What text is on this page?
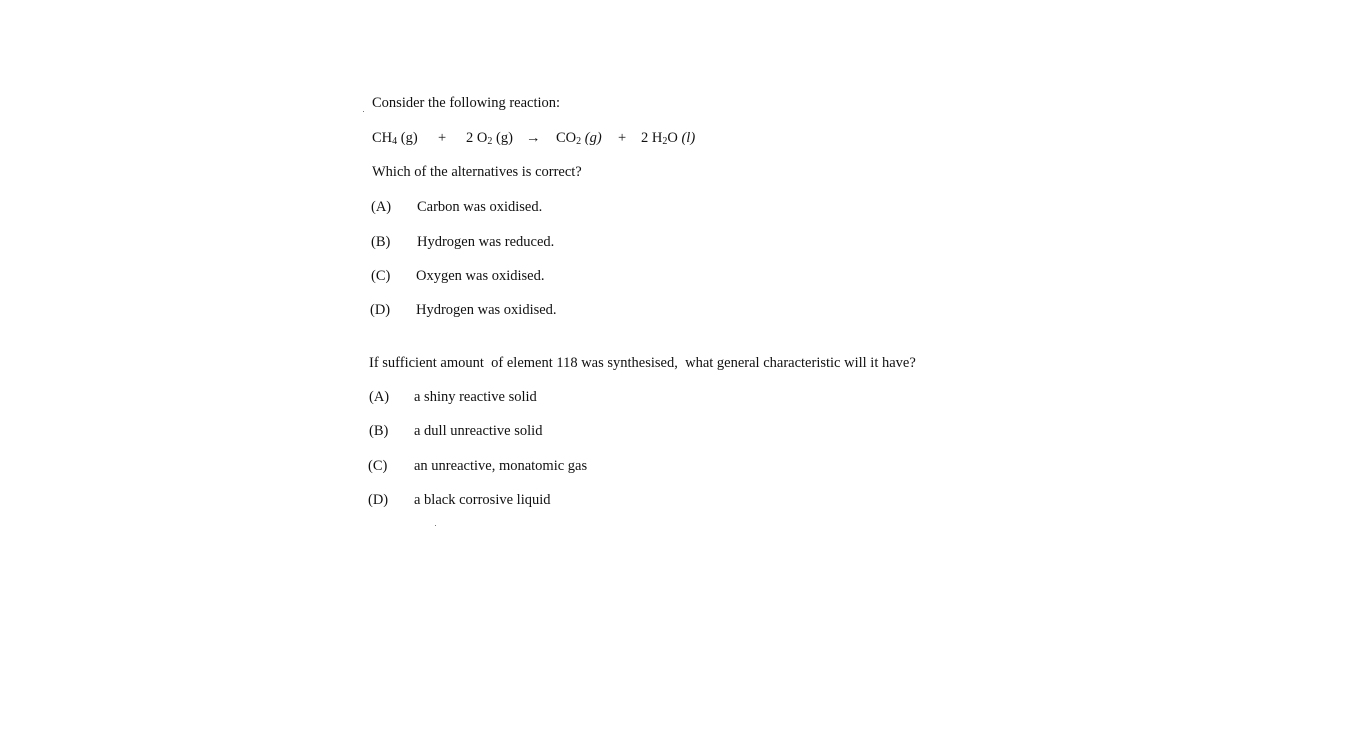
Consider the following reaction:
$CH_4$ (g) + 2 $O_2$ $(g) \to CO_2$ (g) + 2 $H_2O$ (l)
Which of the alternatives is correct?
(A) Carbon was oxidised.
(B) Hydrogen was reduced.
(C) Oxygen was oxidised.
(D) Hydrogen was oxidised.
If sufficient amount  of element 118 was synthesised,  what general characteristic will it have?
(A) a shiny reactive solid
(B) a dull unreactive solid
(C) an unreactive, monatomic gas
(D) a black corrosive liquid
